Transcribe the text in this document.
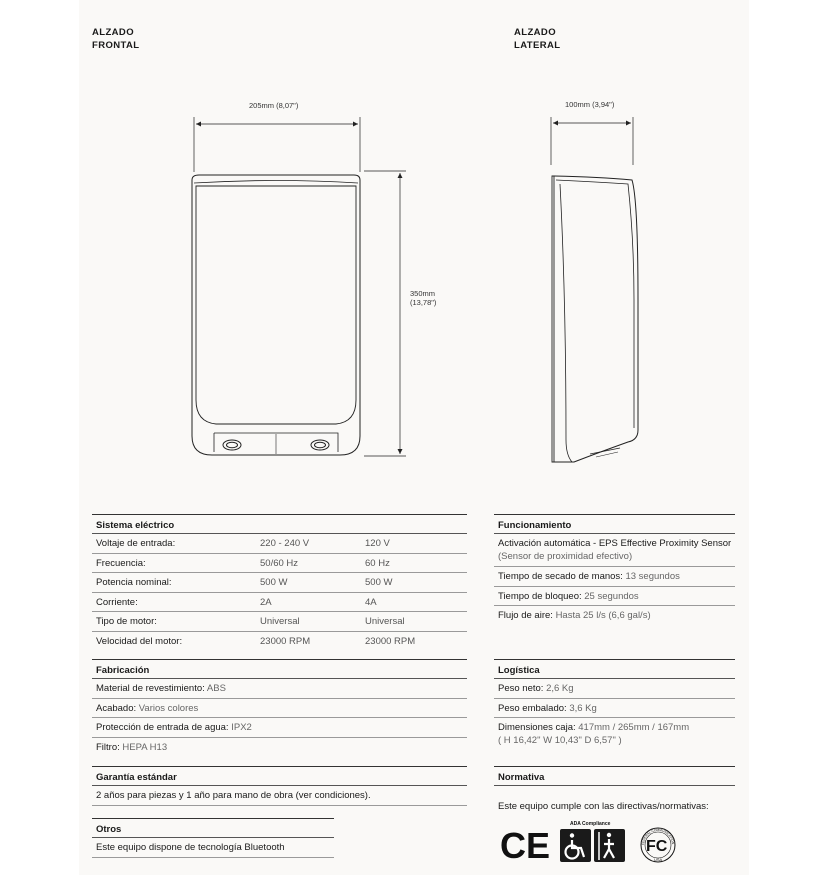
ALZADO
FRONTAL
ALZADO
LATERAL
205mm (8,07")	100mm (3,94")
350mm
(13,78")
Sistema eléctrico
Voltaje de entrada:	220 - 240 V	120 V
Frecuencia:	50/60 Hz	60 Hz
Potencia nominal:	500 W	500 W
Corriente:	2A	4A
Tipo de motor:	Universal	Universal
Velocidad del motor:	23000 RPM	23000 RPM
Fabricación
Material de revestimiento: ABS
Acabado: Varios colores
Protección de entrada de agua: IPX2
Filtro: HEPA H13
Garantía estándar
2 años para piezas y 1 año para mano de obra (ver condiciones).
Otros
Este equipo dispone de tecnología Bluetooth
Funcionamiento
Activación automática - EPS Effective Proximity Sensor (Sensor de proximidad efectivo)
Tiempo de secado de manos: 13 segundos
Tiempo de bloqueo: 25 segundos
Flujo de aire: Hasta 25 l/s (6,6 gal/s)
Logística
Peso neto: 2,6 Kg
Peso embalado: 3,6 Kg
Dimensiones caja: 417mm / 265mm / 167mm
( H 16,42" W 10,43" D 6,57" )
Normativa
Este equipo cumple con las directivas/normativas:
CE
ADA Compliance
FEDERAL COMMUNICATION
FC
USA
